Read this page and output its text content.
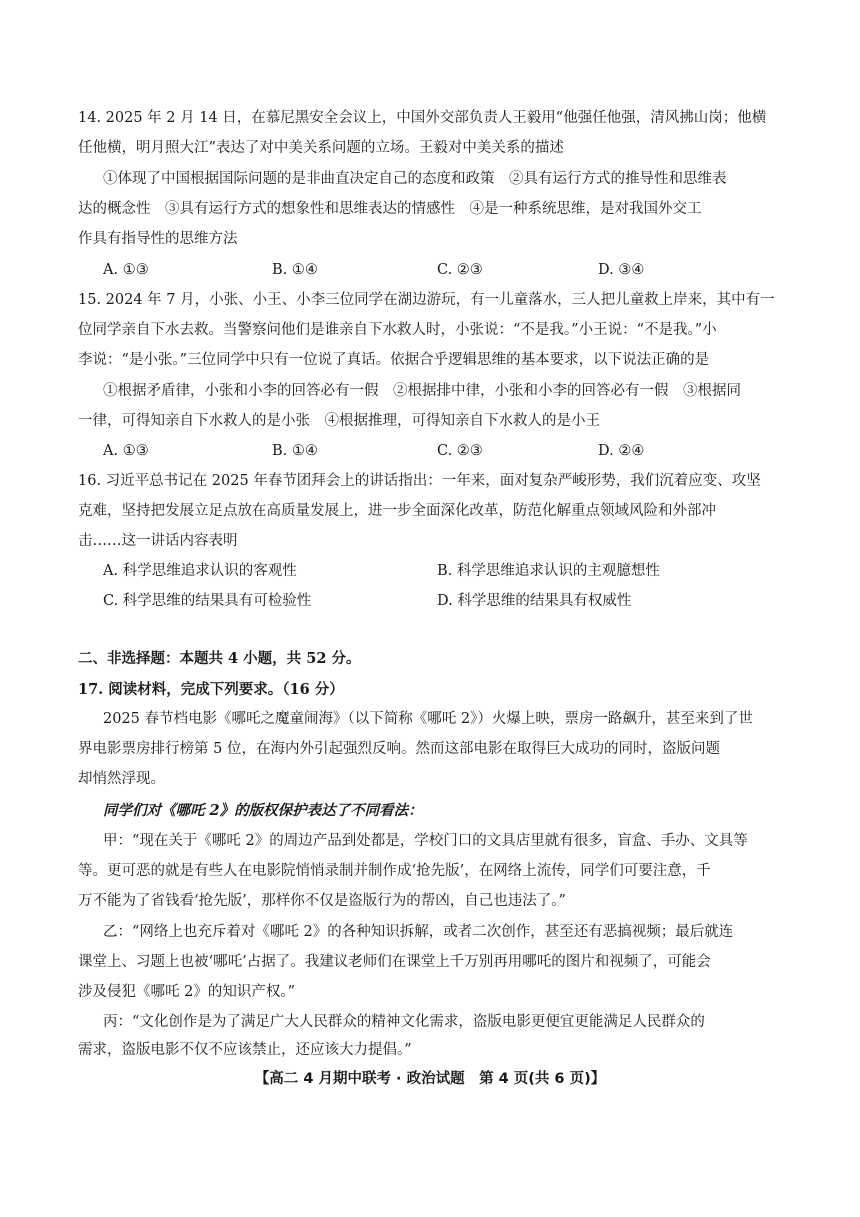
14. 2025 年 2 月 14 日，在慕尼黑安全会议上，中国外交部负责人王毅用“他强任他强，清风拂山岗；他横
任他横，明月照大江”表达了对中美关系问题的立场。王毅对中美关系的描述
①体现了中国根据国际问题的是非曲直决定自己的态度和政策　②具有运行方式的推导性和思维表
达的概念性　③具有运行方式的想象性和思维表达的情感性　④是一种系统思维，是对我国外交工
作具有指导性的思维方法
A. ①③	B. ①④	C. ②③	D. ③④
15. 2024 年 7 月，小张、小王、小李三位同学在湖边游玩，有一儿童落水，三人把儿童救上岸来，其中有一
位同学亲自下水去救。当警察问他们是谁亲自下水救人时，小张说：“不是我。”小王说：“不是我。”小
李说：“是小张。”三位同学中只有一位说了真话。依据合乎逻辑思维的基本要求，以下说法正确的是
①根据矛盾律，小张和小李的回答必有一假　②根据排中律，小张和小李的回答必有一假　③根据同
一律，可得知亲自下水救人的是小张　④根据推理，可得知亲自下水救人的是小王
A. ①③	B. ①④	C. ②③	D. ②④
16. 习近平总书记在 2025 年春节团拜会上的讲话指出：一年来，面对复杂严峻形势，我们沉着应变、攻坚
克难，坚持把发展立足点放在高质量发展上，进一步全面深化改革，防范化解重点领域风险和外部冲
击……这一讲话内容表明
A. 科学思维追求认识的客观性	B. 科学思维追求认识的主观臆想性
C. 科学思维的结果具有可检验性	D. 科学思维的结果具有权威性
二、非选择题：本题共 4 小题，共 52 分。
17. 阅读材料，完成下列要求。（16 分）
2025 春节档电影《哪吒之魔童闹海》（以下简称《哪吒 2》）火爆上映，票房一路飙升，甚至来到了世
界电影票房排行榜第 5 位，在海内外引起强烈反响。然而这部电影在取得巨大成功的同时，盗版问题
却悄然浮现。
同学们对《哪吒 2》的版权保护表达了不同看法：
甲：“现在关于《哪吒 2》的周边产品到处都是，学校门口的文具店里就有很多，盲盒、手办、文具等
等。更可恶的就是有些人在电影院悄悄录制并制作成‘抢先版’，在网络上流传，同学们可要注意，千
万不能为了省钱看‘抢先版’，那样你不仅是盗版行为的帮凶，自己也违法了。”
乙：“网络上也充斥着对《哪吒 2》的各种知识拆解，或者二次创作，甚至还有恶搞视频；最后就连
课堂上、习题上也被‘哪吒’占据了。我建议老师们在课堂上千万别再用哪吒的图片和视频了，可能会
涉及侵犯《哪吒 2》的知识产权。”
丙：“文化创作是为了满足广大人民群众的精神文化需求，盗版电影更便宜更能满足人民群众的
需求，盗版电影不仅不应该禁止，还应该大力提倡。”
【高二 4 月期中联考 · 政治试题　第 4 页(共 6 页)】
